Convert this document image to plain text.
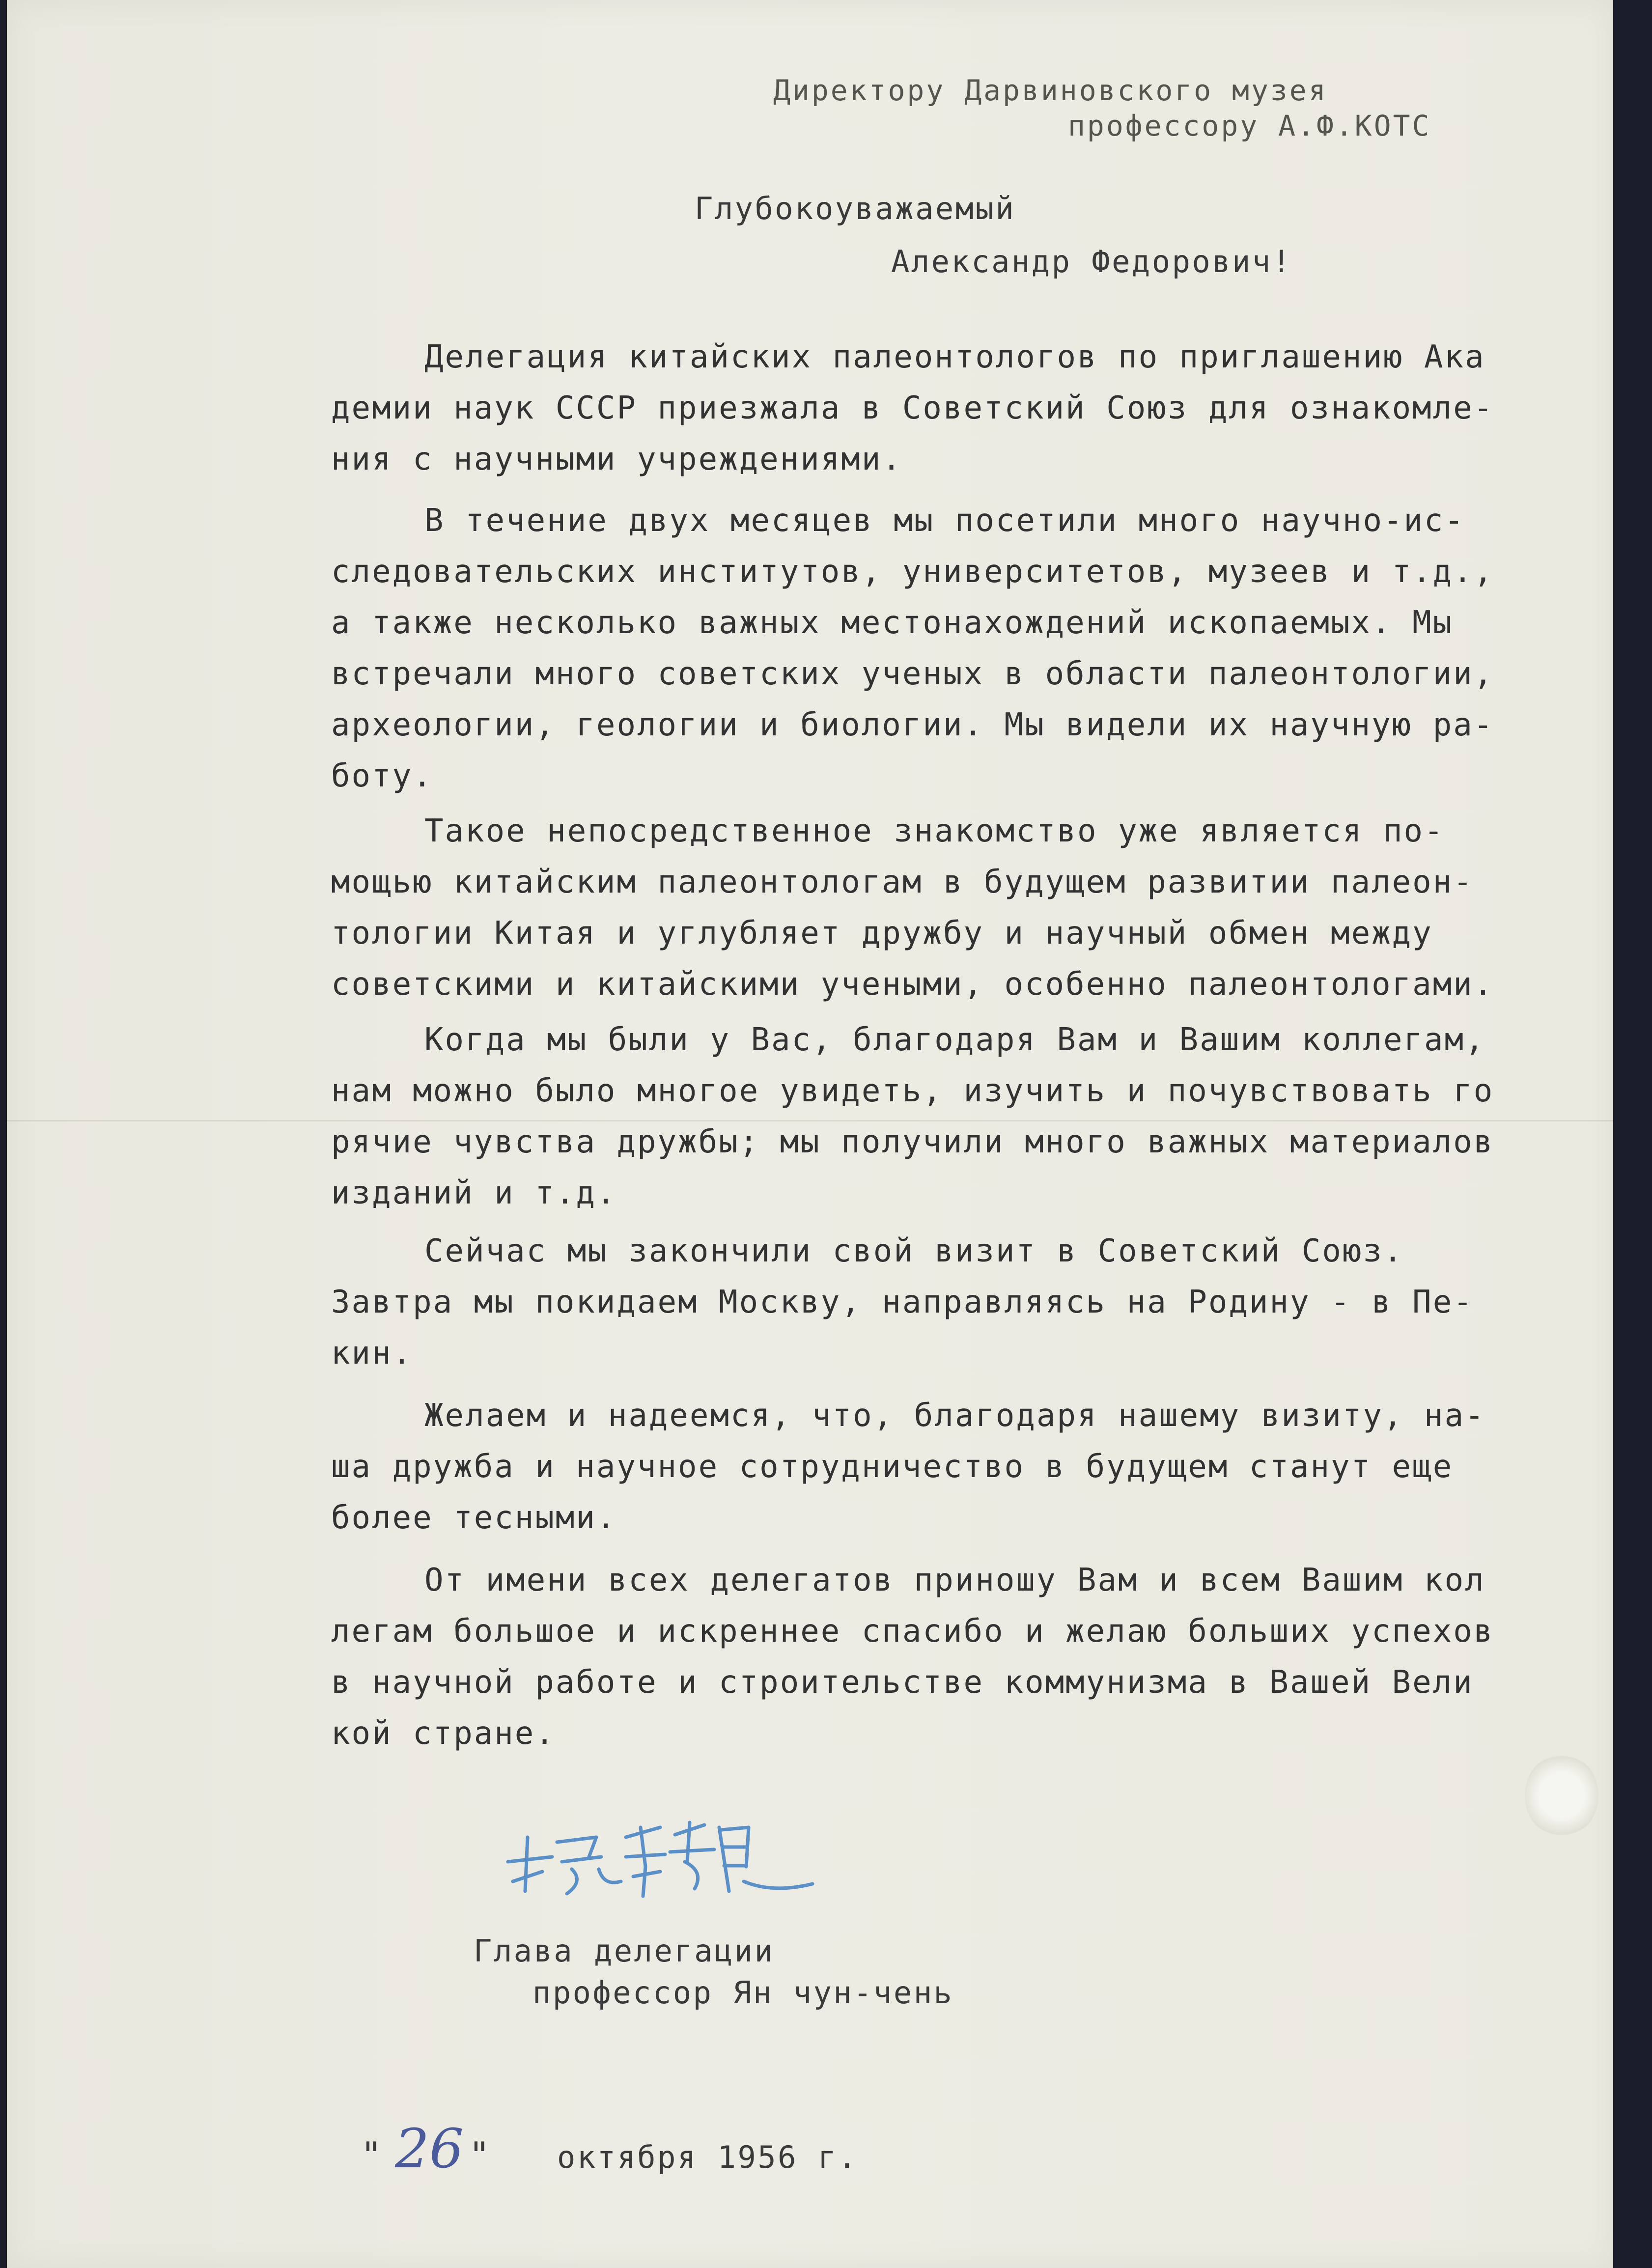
Директору Дарвиновского музея
профессору А.Ф.КОТС
Глубокоуважаемый
Александр Федорович!
Делегация китайских палеонтологов по приглашению Ака
демии наук СССР приезжала в Советский Союз для ознакомле-
ния с научными учреждениями.
В течение двух месяцев мы посетили много научно-ис-
следовательских институтов, университетов, музеев и т.д.,
а также несколько важных местонахождений ископаемых. Мы
встречали много советских ученых в области палеонтологии,
археологии, геологии и биологии. Мы видели их научную ра-
боту.
Такое непосредственное знакомство уже является по-
мощью китайским палеонтологам в будущем развитии палеон-
тологии Китая и углубляет дружбу и научный обмен между
советскими и китайскими учеными, особенно палеонтологами.
Когда мы были у Вас, благодаря Вам и Вашим коллегам,
нам можно было многое увидеть, изучить и почувствовать го
рячие чувства дружбы; мы получили много важных материалов
изданий и т.д.
Сейчас мы закончили свой визит в Советский Союз.
Завтра мы покидаем Москву, направляясь на Родину - в Пе-
кин.
Желаем и надеемся, что, благодаря нашему визиту, на-
ша дружба и научное сотрудничество в будущем станут еще
более тесными.
От имени всех делегатов приношу Вам и всем Вашим кол
легам большое и искреннее спасибо и желаю больших успехов
в научной работе и строительстве коммунизма в Вашей Вели
кой стране.
Глава делегации
профессор Ян чун-чень
" 26 " октября 1956 г.
